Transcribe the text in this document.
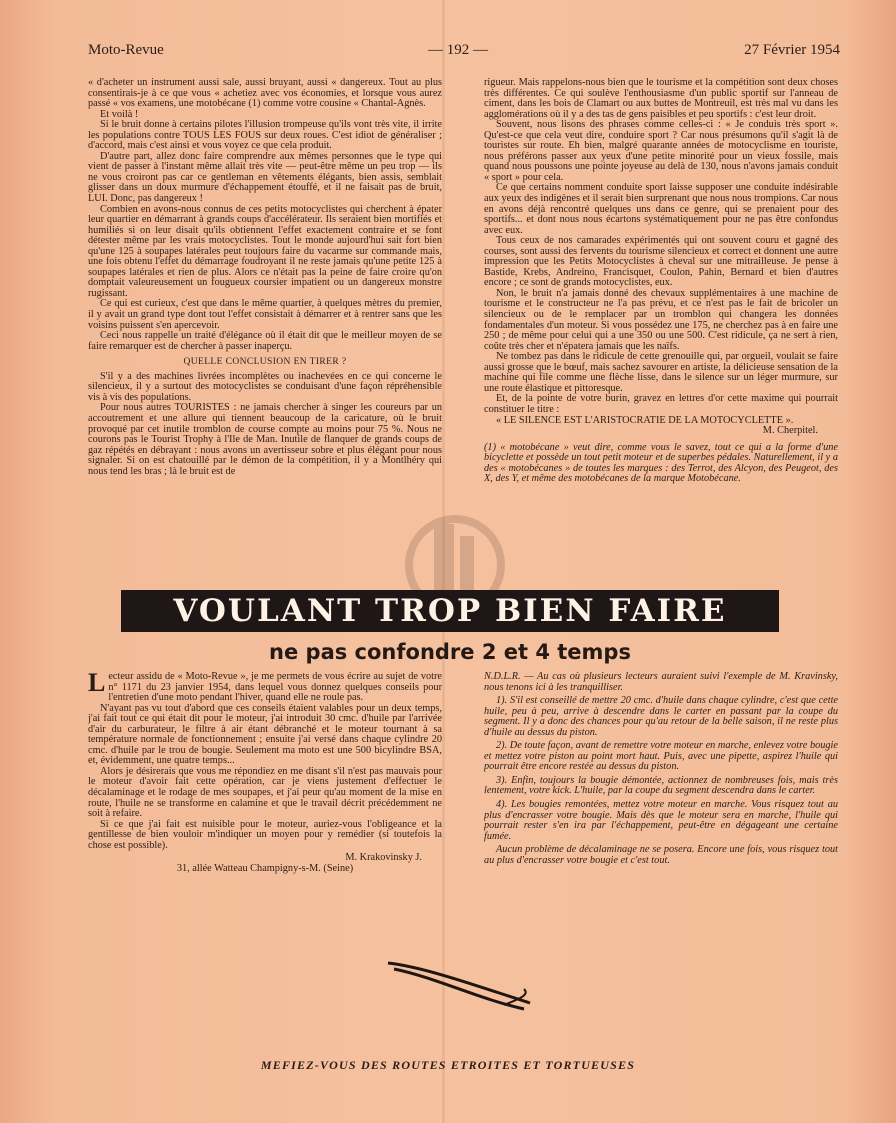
Moto-Revue	— 192 —	27 Février 1954

« d'acheter un instrument aussi sale, aussi bruyant, aussi « dangereux. Tout au plus consentirais-je à ce que vous « achetiez avec vos économies, et lorsque vous aurez passé « vos examens, une motobécane (1) comme votre cousine « Chantal-Agnès.

Et voilà !

Si le bruit donne à certains pilotes l'illusion trompeuse qu'ils vont très vite, il irrite les populations contre TOUS LES FOUS sur deux roues. C'est idiot de généraliser ; d'accord, mais c'est ainsi et vous voyez ce que cela produit.

D'autre part, allez donc faire comprendre aux mêmes personnes que le type qui vient de passer à l'instant même allait très vite — peut-être même un peu trop — ils ne vous croiront pas car ce gentleman en vêtements élégants, bien assis, semblait glisser dans un doux murmure d'échappement étouffé, et il ne faisait pas de bruit, LUI. Donc, pas dangereux !

Combien en avons-nous connus de ces petits motocyclistes qui cherchent à épater leur quartier en démarrant à grands coups d'accélérateur. Ils seraient bien mortifiés et humiliés si on leur disait qu'ils obtiennent l'effet exactement contraire et se font détester même par les vrais motocyclistes. Tout le monde aujourd'hui sait fort bien qu'une 125 à soupapes latérales peut toujours faire du vacarme sur commande mais, une fois obtenu l'effet du démarrage foudroyant il ne reste jamais qu'une petite 125 à soupapes latérales et rien de plus. Alors ce n'était pas la peine de faire croire qu'on domptait valeureusement un fougueux coursier impatient ou un dangereux monstre rugissant.

Ce qui est curieux, c'est que dans le même quartier, à quelques mètres du premier, il y avait un grand type dont tout l'effet consistait à démarrer et à rentrer sans que les voisins puissent s'en apercevoir.

Ceci nous rappelle un traité d'élégance où il était dit que le meilleur moyen de se faire remarquer est de chercher à passer inaperçu.

QUELLE CONCLUSION EN TIRER ?

S'il y a des machines livrées incomplètes ou inachevées en ce qui concerne le silencieux, il y a surtout des motocyclistes se conduisant d'une façon répréhensible vis à vis des populations.

Pour nous autres TOURISTES : ne jamais chercher à singer les coureurs par un accoutrement et une allure qui tiennent beaucoup de la caricature, où le bruit provoqué par cet inutile tromblon de course compte au moins pour 75 %. Nous ne courons pas le Tourist Trophy à l'Ile de Man. Inutile de flanquer de grands coups de gaz répétés en débrayant : nous avons un avertisseur sobre et plus élégant pour nous signaler. Si on est chatouillé par le démon de la compétition, il y a Montlhéry qui nous tend les bras ; là le bruit est de

rigueur. Mais rappelons-nous bien que le tourisme et la compétition sont deux choses très différentes. Ce qui soulève l'enthousiasme d'un public sportif sur l'anneau de ciment, dans les bois de Clamart ou aux buttes de Montreuil, est très mal vu dans les agglomérations où il y a des tas de gens paisibles et peu sportifs : c'est leur droit.

Souvent, nous lisons des phrases comme celles-ci : « Je conduis très sport ». Qu'est-ce que cela veut dire, conduire sport ? Car nous présumons qu'il s'agit là de touristes sur route. Eh bien, malgré quarante années de motocyclisme en touriste, nous préférons passer aux yeux d'une petite minorité pour un vieux fossile, mais quand nous poussons une pointe joyeuse au delà de 130, nous n'avons jamais conduit « sport » pour cela.

Ce que certains nomment conduite sport laisse supposer une conduite indésirable aux yeux des indigènes et il serait bien surprenant que nous nous trompions. Car nous en avons déjà rencontré quelques uns dans ce genre, qui se prenaient pour des sportifs... et dont nous nous écartons systématiquement pour ne pas être confondus avec eux.

Tous ceux de nos camarades expérimentés qui ont souvent couru et gagné des courses, sont aussi des fervents du tourisme silencieux et correct et donnent une autre impression que les Petits Motocyclistes à cheval sur une mitrailleuse. Je pense à Bastide, Krebs, Andreino, Francisquet, Coulon, Pahin, Bernard et bien d'autres encore ; ce sont de grands motocyclistes, eux.

Non, le bruit n'a jamais donné des chevaux supplémentaires à une machine de tourisme et le constructeur ne l'a pas prévu, et ce n'est pas le fait de bricoler un silencieux ou de le remplacer par un tromblon qui changera les données fondamentales d'un moteur. Si vous possédez une 175, ne cherchez pas à en faire une 250 ; de même pour celui qui a une 350 ou une 500. C'est ridicule, ça ne sert à rien, coûte très cher et n'épatera jamais que les naïfs.

Ne tombez pas dans le ridicule de cette grenouille qui, par orgueil, voulait se faire aussi grosse que le bœuf, mais sachez savourer en artiste, la délicieuse sensation de la machine qui file comme une flèche lisse, dans le silence sur un léger murmure, sur une route élastique et pittoresque.

Et, de la pointe de votre burin, gravez en lettres d'or cette maxime qui pourrait constituer le titre :

« LE SILENCE EST L'ARISTOCRATIE DE LA MOTOCYCLETTE ».

M. Cherpitel.

(1) « motobécane » veut dire, comme vous le savez, tout ce qui a la forme d'une bicyclette et possède un tout petit moteur et de superbes pédales. Naturellement, il y a des « motobécanes » de toutes les marques : des Terrot, des Alcyon, des Peugeot, des X, des Y, et même des motobécanes de la marque Motobécane.

VOULANT TROP BIEN FAIRE
ne pas confondre 2 et 4 temps

Lecteur assidu de « Moto-Revue », je me permets de vous écrire au sujet de votre n° 1171 du 23 janvier 1954, dans lequel vous donnez quelques conseils pour l'entretien d'une moto pendant l'hiver, quand elle ne roule pas.

N'ayant pas vu tout d'abord que ces conseils étaient valables pour un deux temps, j'ai fait tout ce qui était dit pour le moteur, j'ai introduit 30 cmc. d'huile par l'arrivée d'air du carburateur, le filtre à air étant débranché et le moteur tournant à sa température normale de fonctionnement ; ensuite j'ai versé dans chaque cylindre 20 cmc. d'huile par le trou de bougie. Seulement ma moto est une 500 bicylindre BSA, et, évidemment, une quatre temps...

Alors je désirerais que vous me répondiez en me disant s'il n'est pas mauvais pour le moteur d'avoir fait cette opération, car je viens justement d'effectuer le décalaminage et le rodage de mes soupapes, et j'ai peur qu'au moment de la mise en route, l'huile ne se transforme en calamine et que le travail décrit précédemment ne soit à refaire.

Si ce que j'ai fait est nuisible pour le moteur, auriez-vous l'obligeance et la gentillesse de bien vouloir m'indiquer un moyen pour y remédier (si toutefois la chose est possible).

M. Krakovinsky J.

31, allée Watteau Champigny-s-M. (Seine)

N.D.L.R. — Au cas où plusieurs lecteurs auraient suivi l'exemple de M. Kravinsky, nous tenons ici à les tranquilliser.

1). S'il est conseillé de mettre 20 cmc. d'huile dans chaque cylindre, c'est que cette huile, peu à peu, arrive à descendre dans le carter en passant par la coupe du segment. Il y a donc des chances pour qu'au retour de la belle saison, il ne reste plus d'huile au dessus du piston.

2). De toute façon, avant de remettre votre moteur en marche, enlevez votre bougie et mettez votre piston au point mort haut. Puis, avec une pipette, aspirez l'huile qui pourrait être encore restée au dessus du piston.

3). Enfin, toujours la bougie démontée, actionnez de nombreuses fois, mais très lentement, votre kick. L'huile, par la coupe du segment descendra dans le carter.

4). Les bougies remontées, mettez votre moteur en marche. Vous risquez tout au plus d'encrasser votre bougie. Mais dès que le moteur sera en marche, l'huile qui pourrait rester s'en ira par l'échappement, peut-être en dégageant une certaine fumée.

Aucun problème de décalaminage ne se posera. Encore une fois, vous risquez tout au plus d'encrasser votre bougie et c'est tout.

MEFIEZ-VOUS DES ROUTES ETROITES ET TORTUEUSES
